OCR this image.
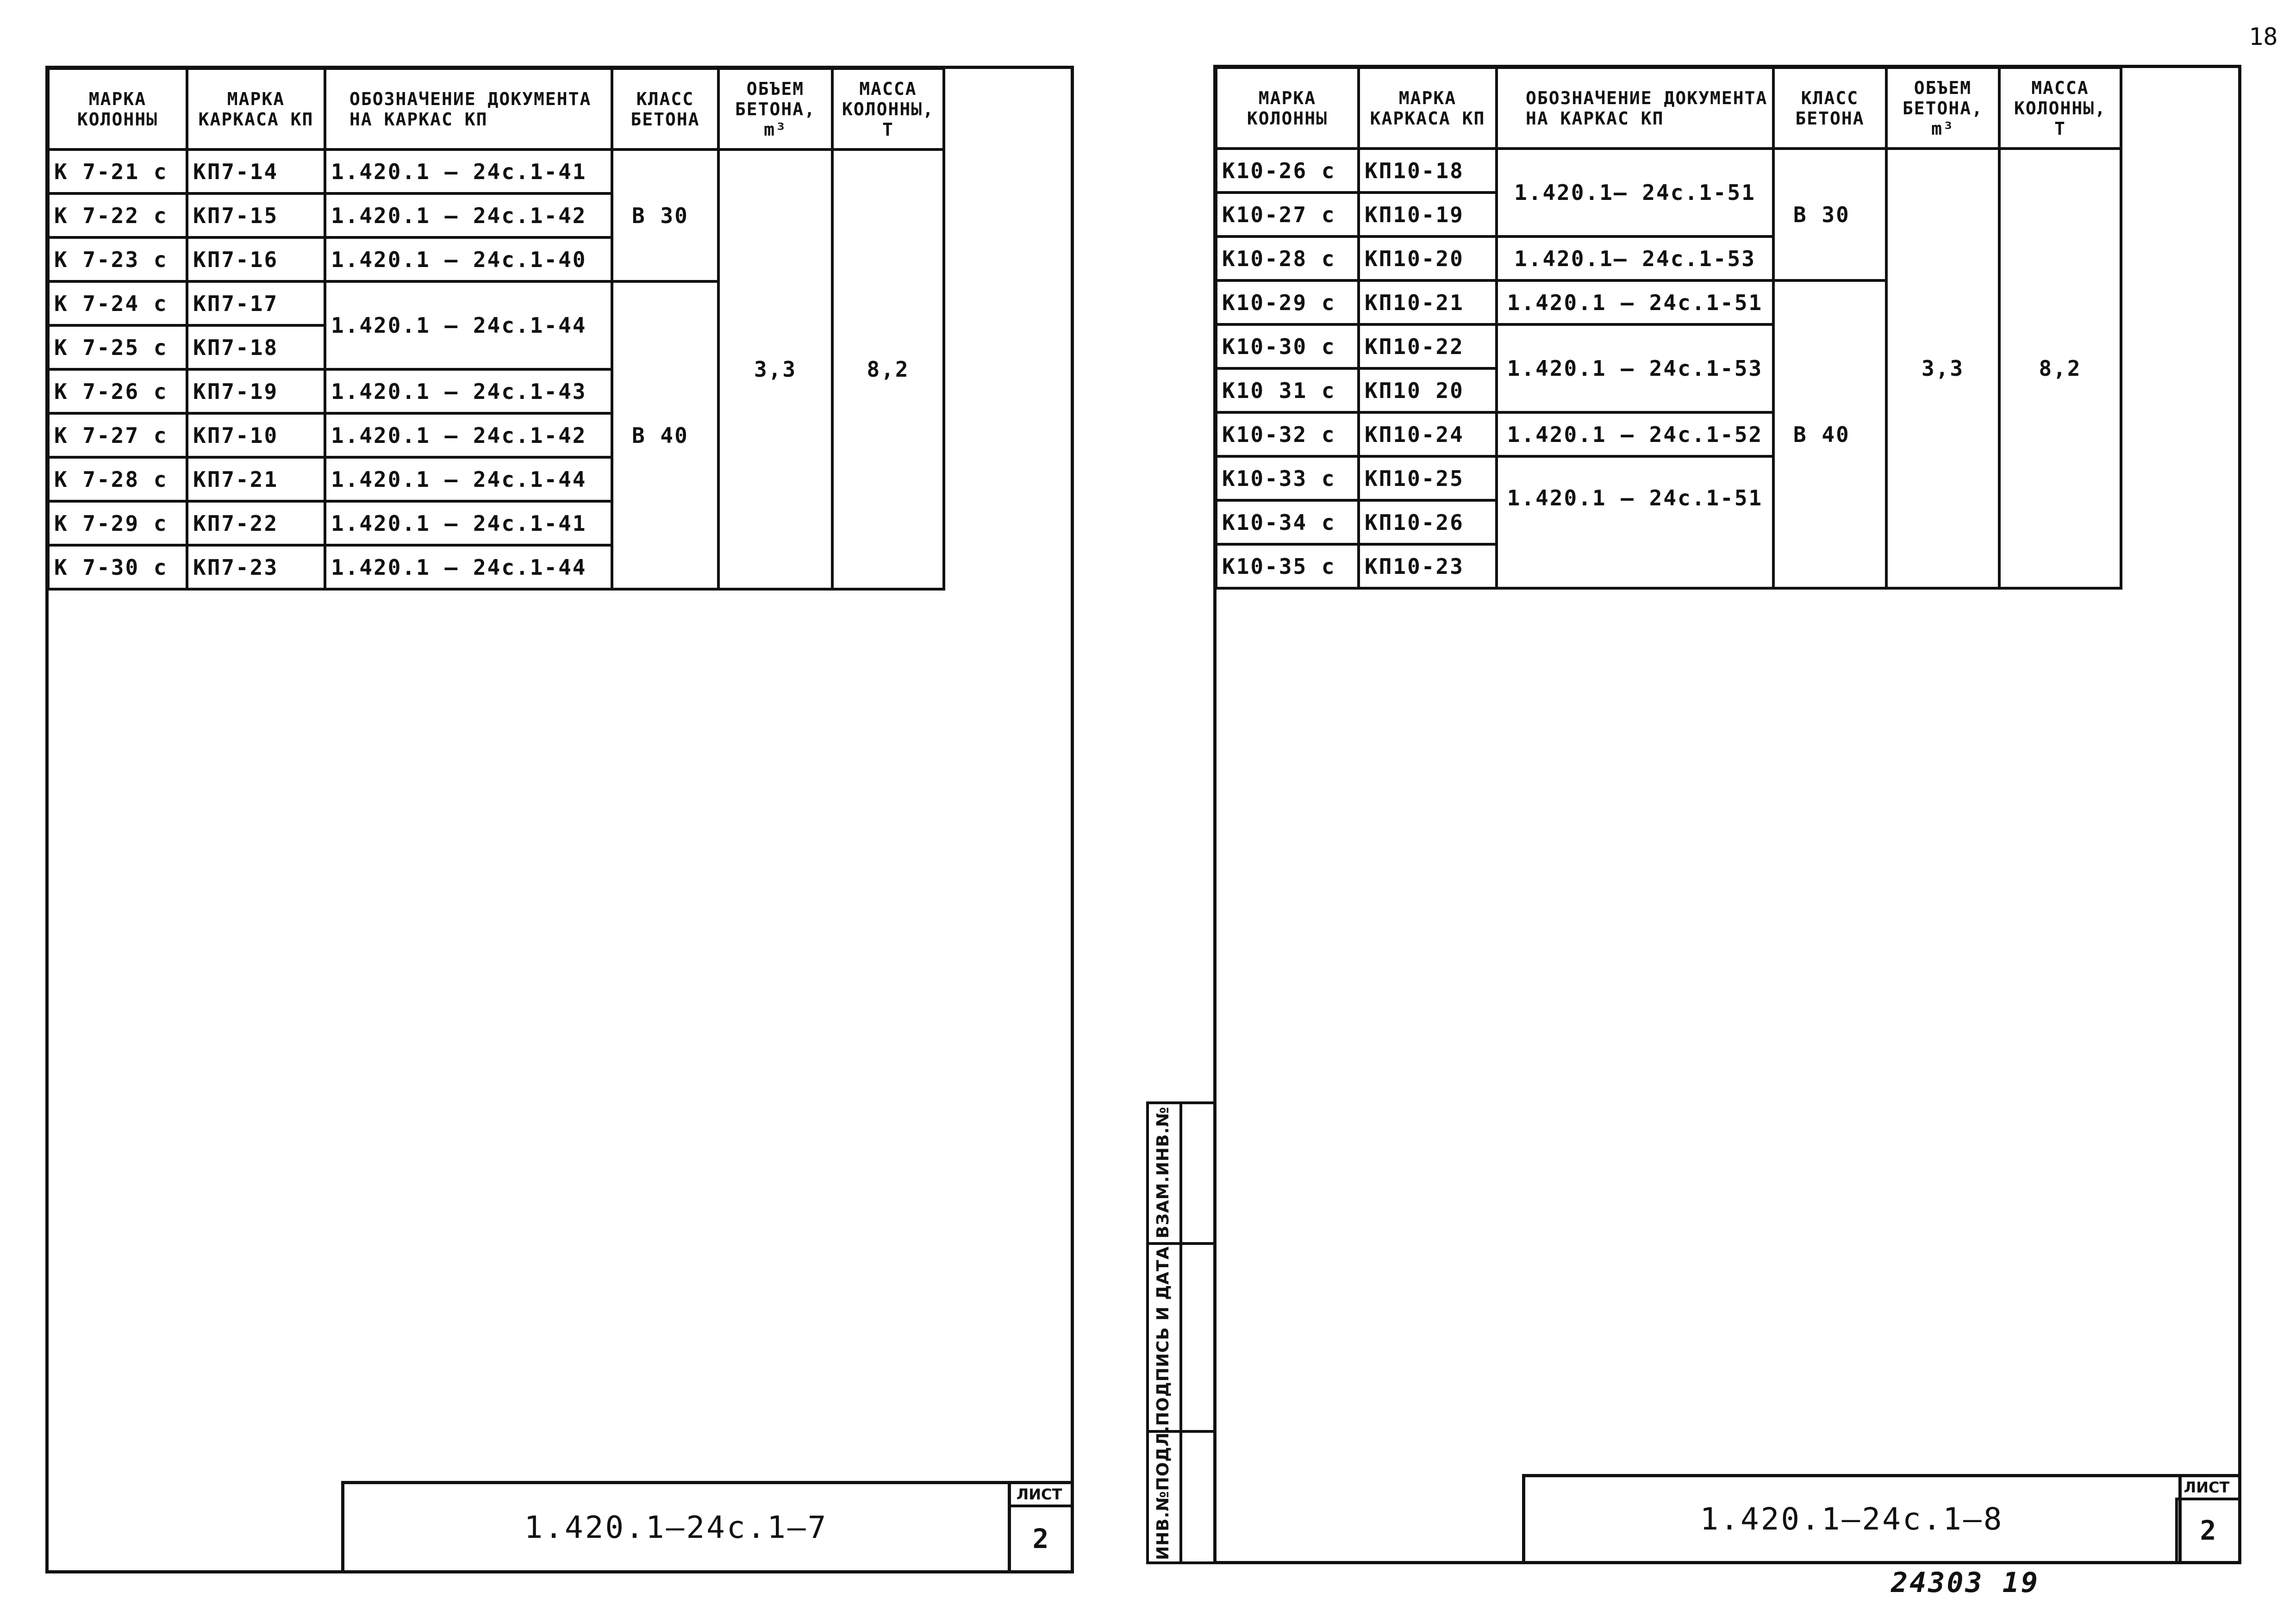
18
МАРКА КОЛОННЫ	МАРКА КАРКАСА КП	ОБОЗНАЧЕНИЕ ДОКУМЕНТА НА КАРКАС КП	КЛАСС БЕТОНА	ОБЪЕМ БЕТОНА, m³	МАССА КОЛОННЫ, Т
К 7-21 с	КП7-14	1.420.1 – 24с.1-41	В 30	3,3	8,2
К 7-22 с	КП7-15	1.420.1 – 24с.1-42			
К 7-23 с	КП7-16	1.420.1 – 24с.1-40			
К 7-24 с	КП7-17	1.420.1 – 24с.1-44	В 40		
К 7-25 с	КП7-18				
К 7-26 с	КП7-19	1.420.1 – 24с.1-43			
К 7-27 с	КП7-10	1.420.1 – 24с.1-42			
К 7-28 с	КП7-21	1.420.1 – 24с.1-44			
К 7-29 с	КП7-22	1.420.1 – 24с.1-41			
К 7-30 с	КП7-23	1.420.1 – 24с.1-44			
1.420.1–24с.1–7
ЛИСТ
2
МАРКА КОЛОННЫ	МАРКА КАРКАСА КП	ОБОЗНАЧЕНИЕ ДОКУМЕНТА НА КАРКАС КП	КЛАСС БЕТОНА	ОБЪЕМ БЕТОНА, m³	МАССА КОЛОННЫ, Т
К10-26 с	КП10-18	1.420.1– 24с.1-51	В 30	3,3	8,2
К10-27 с	КП10-19				
К10-28 с	КП10-20	1.420.1– 24с.1-53			
К10-29 с	КП10-21	1.420.1 – 24с.1-51	В 40		
К10-30 с	КП10-22	1.420.1 – 24с.1-53			
К10 31 с	КП10 20				
К10-32 с	КП10-24	1.420.1 – 24с.1-52			
К10-33 с	КП10-25	1.420.1 – 24с.1-51			
К10-34 с	КП10-26				
К10-35 с	КП10-23				
ВЗАМ.ИНВ.№
ПОДПИСЬ И ДАТА
ИНВ.№ПОДЛ.	1.420.1–24с.1–8
ЛИСТ
2
24303 19
